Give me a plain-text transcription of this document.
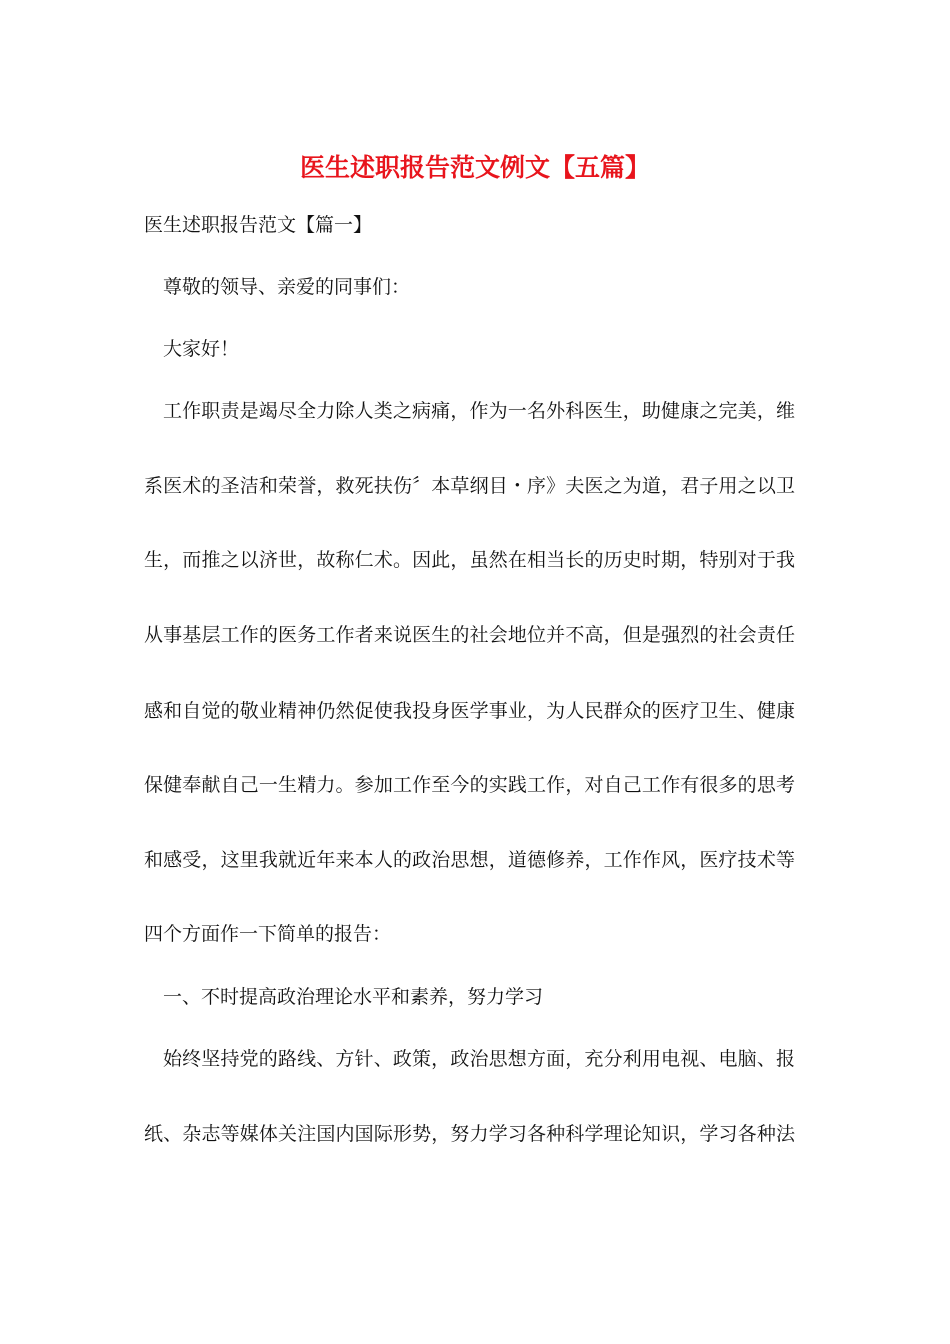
医生述职报告范文例文【五篇】
医生述职报告范文【篇一】
尊敬的领导、亲爱的同事们：
大家好！
工作职责是竭尽全力除人类之病痛，作为一名外科医生，助健康之完美，维
系医术的圣洁和荣誉，救死扶伤〞本草纲目・序》夫医之为道，君子用之以卫
生，而推之以济世，故称仁术。因此，虽然在相当长的历史时期，特别对于我
从事基层工作的医务工作者来说医生的社会地位并不高，但是强烈的社会责任
感和自觉的敬业精神仍然促使我投身医学事业，为人民群众的医疗卫生、健康
保健奉献自己一生精力。参加工作至今的实践工作，对自己工作有很多的思考
和感受，这里我就近年来本人的政治思想，道德修养，工作作风，医疗技术等
四个方面作一下简单的报告：
一、不时提高政治理论水平和素养，努力学习
始终坚持党的路线、方针、政策，政治思想方面，充分利用电视、电脑、报
纸、杂志等媒体关注国内国际形势，努力学习各种科学理论知识，学习各种法
